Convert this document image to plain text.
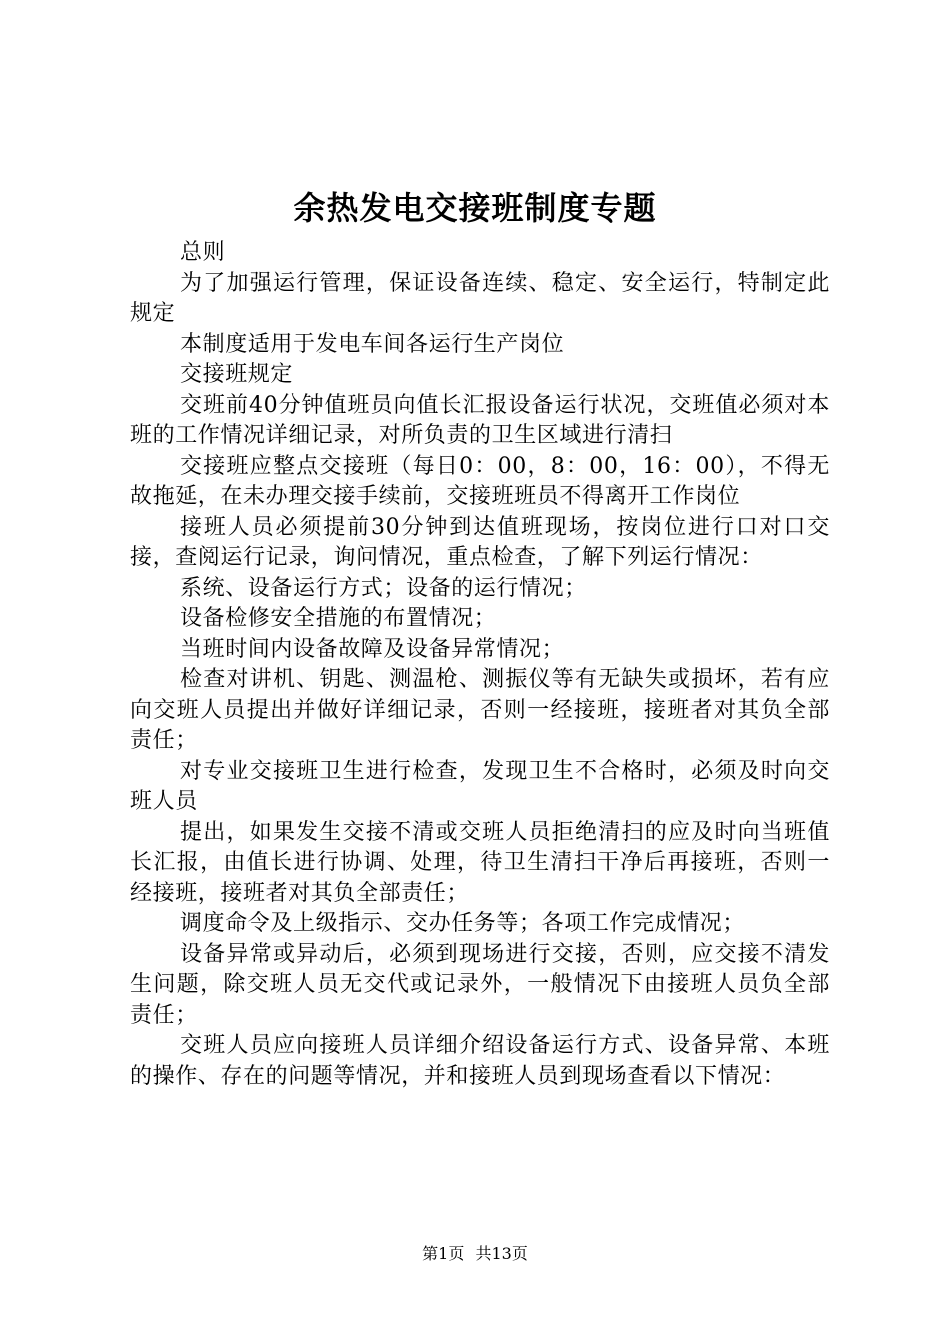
余热发电交接班制度专题

总则

为了加强运行管理，保证设备连续、稳定、安全运行，特制定此规定

本制度适用于发电车间各运行生产岗位

交接班规定

交班前40分钟值班员向值长汇报设备运行状况，交班值必须对本班的工作情况详细记录，对所负责的卫生区域进行清扫

交接班应整点交接班（每日0：00，8：00，16：00），不得无故拖延，在未办理交接手续前，交接班班员不得离开工作岗位

接班人员必须提前30分钟到达值班现场，按岗位进行口对口交接，查阅运行记录，询问情况，重点检查，了解下列运行情况：

系统、设备运行方式；设备的运行情况；

设备检修安全措施的布置情况；

当班时间内设备故障及设备异常情况；

检查对讲机、钥匙、测温枪、测振仪等有无缺失或损坏，若有应向交班人员提出并做好详细记录，否则一经接班，接班者对其负全部责任；

对专业交接班卫生进行检查，发现卫生不合格时，必须及时向交班人员

提出，如果发生交接不清或交班人员拒绝清扫的应及时向当班值长汇报，由值长进行协调、处理，待卫生清扫干净后再接班，否则一经接班，接班者对其负全部责任；

调度命令及上级指示、交办任务等；各项工作完成情况；

设备异常或异动后，必须到现场进行交接，否则，应交接不清发生问题，除交班人员无交代或记录外，一般情况下由接班人员负全部责任；

交班人员应向接班人员详细介绍设备运行方式、设备异常、本班的操作、存在的问题等情况，并和接班人员到现场查看以下情况：

第1页 共13页
